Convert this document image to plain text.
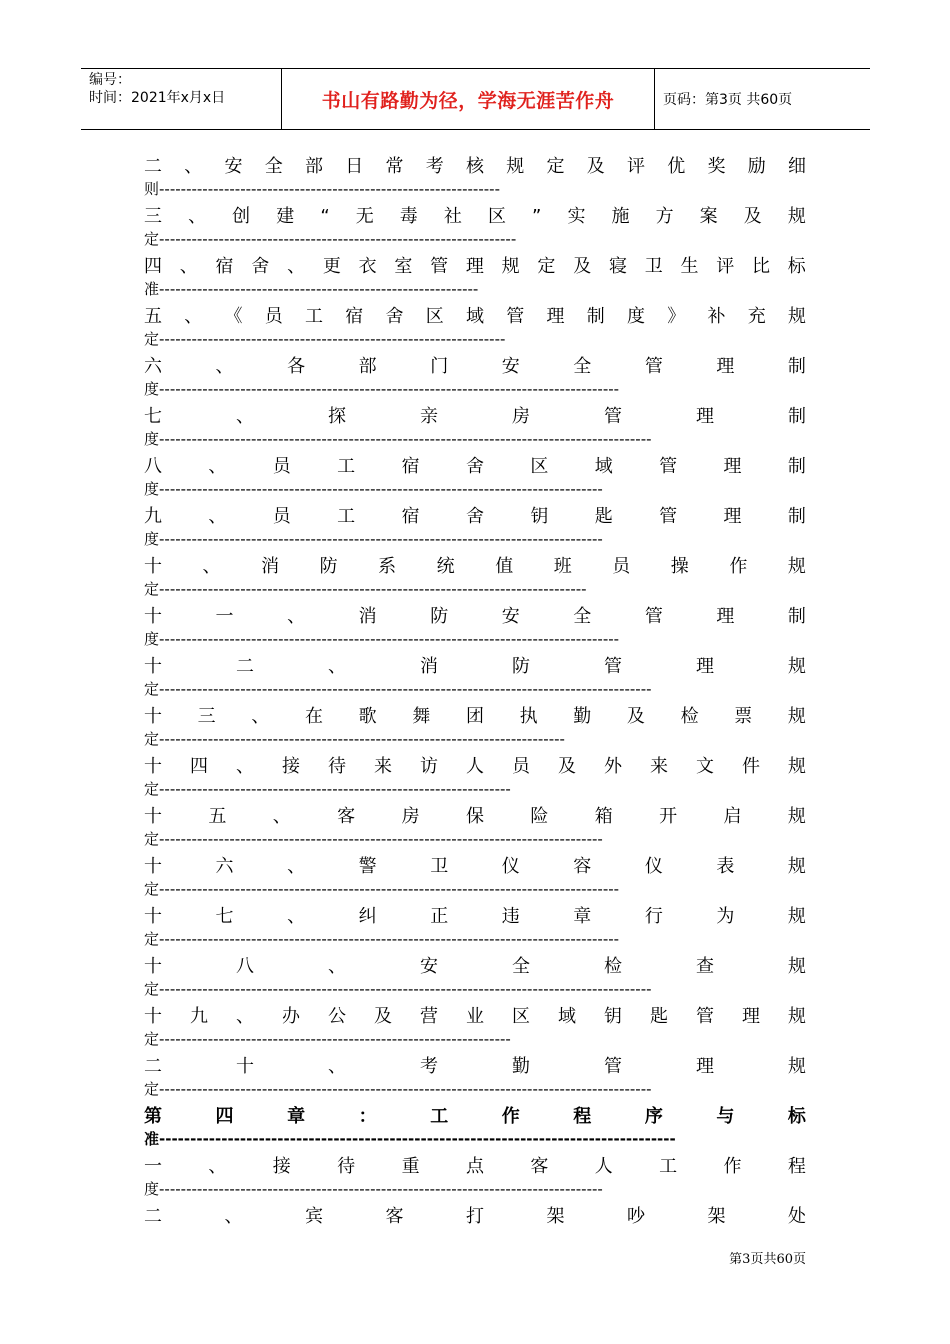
编号：
时间：2021年x月x日	书山有路勤为径，学海无涯苦作舟	页码：第3页 共60页
二 、 安 全 部 日 常 考 核 规 定 及 评 优 奖 励 细
则---------------------------------------------------------------
三 、 创 建 “ 无 毒 社 区 ” 实 施 方 案 及 规
定------------------------------------------------------------------
四 、 宿 舍 、 更 衣 室 管 理 规 定 及 寝 卫 生 评 比 标
准-----------------------------------------------------------
五 、 《 员 工 宿 舍 区 域 管 理 制 度 》 补 充 规
定----------------------------------------------------------------
六	、	各	部	门	安	全	管	理	制
度-------------------------------------------------------------------------------------
七	、	探	亲	房	管	理	制
度-------------------------------------------------------------------------------------------
八	、	员	工	宿	舍	区	域	管	理	制
度----------------------------------------------------------------------------------
九	、	员	工	宿	舍	钥	匙	管	理	制
度----------------------------------------------------------------------------------
十 、 消 防 系 统 值 班 员 操 作 规
定-------------------------------------------------------------------------------
十	一	、	消	防	安	全	管	理	制
度-------------------------------------------------------------------------------------
十	二	、	消	防	管	理	规
定-------------------------------------------------------------------------------------------
十 三 、 在 歌 舞 团 执 勤 及 检 票 规
定---------------------------------------------------------------------------
十 四 、 接 待 来 访 人 员 及 外 来 文 件 规
定-----------------------------------------------------------------
十	五	、	客	房	保	险	箱	开	启	规
定----------------------------------------------------------------------------------
十	六	、	警	卫	仪	容	仪	表	规
定-------------------------------------------------------------------------------------
十	七	、	纠	正	违	章	行	为	规
定-------------------------------------------------------------------------------------
十	八	、	安	全	检	查	规
定-------------------------------------------------------------------------------------------
十 九 、 办 公 及 营 业 区 域 钥 匙 管 理 规
定-----------------------------------------------------------------
二	十	、	考	勤	管	理	规
定-------------------------------------------------------------------------------------------
第	四	章	：	工	作	程	序	与	标
准-----------------------------------------------------------------------------------
一	、	接	待	重	点	客	人	工	作	程
度----------------------------------------------------------------------------------
二	、	宾	客	打	架	吵	架	处
第3页共60页
